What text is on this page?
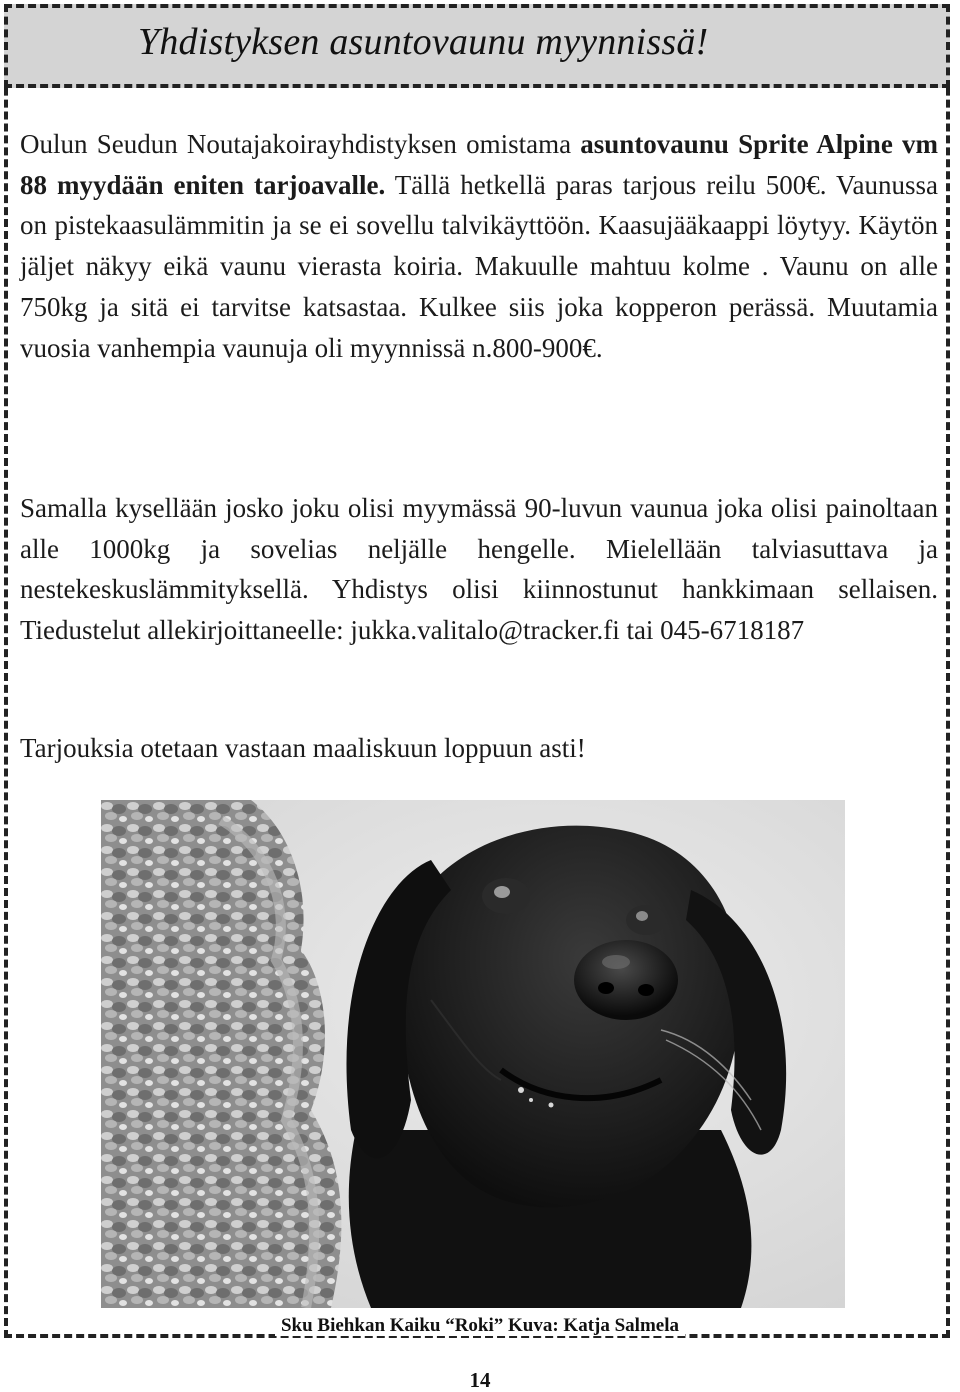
Yhdistyksen asuntovaunu myynnissä!
Oulun Seudun Noutajakoirayhdistyksen omistama asuntovaunu Sprite Alpine vm 88 myydään eniten tarjoavalle. Tällä hetkellä paras tarjous reilu 500€. Vaunussa on pistekaasulämmitin ja se ei sovellu talvikäyttöön. Kaasujääkaappi löytyy. Käytön jäljet näkyy eikä vaunu vierasta koiria. Makuulle mahtuu kolme . Vaunu on alle 750kg ja sitä ei tarvitse katsastaa. Kulkee siis joka kopperon perässä. Muutamia vuosia vanhempia vaunuja oli myynnissä n.800-900€.
Samalla kysellään josko joku olisi myymässä 90-luvun vaunua joka olisi painoltaan alle 1000kg ja sovelias neljälle hengelle. Mielellään talviasuttava ja nestekeskuslämmityksellä. Yhdistys olisi kiinnostunut hankkimaan sellaisen. Tiedustelut allekirjoittaneelle: jukka.valitalo@tracker.fi tai 045-6718187
Tarjouksia otetaan vastaan maaliskuun loppuun asti!
Sku Biehkan Kaiku “Roki” Kuva: Katja Salmela
14
